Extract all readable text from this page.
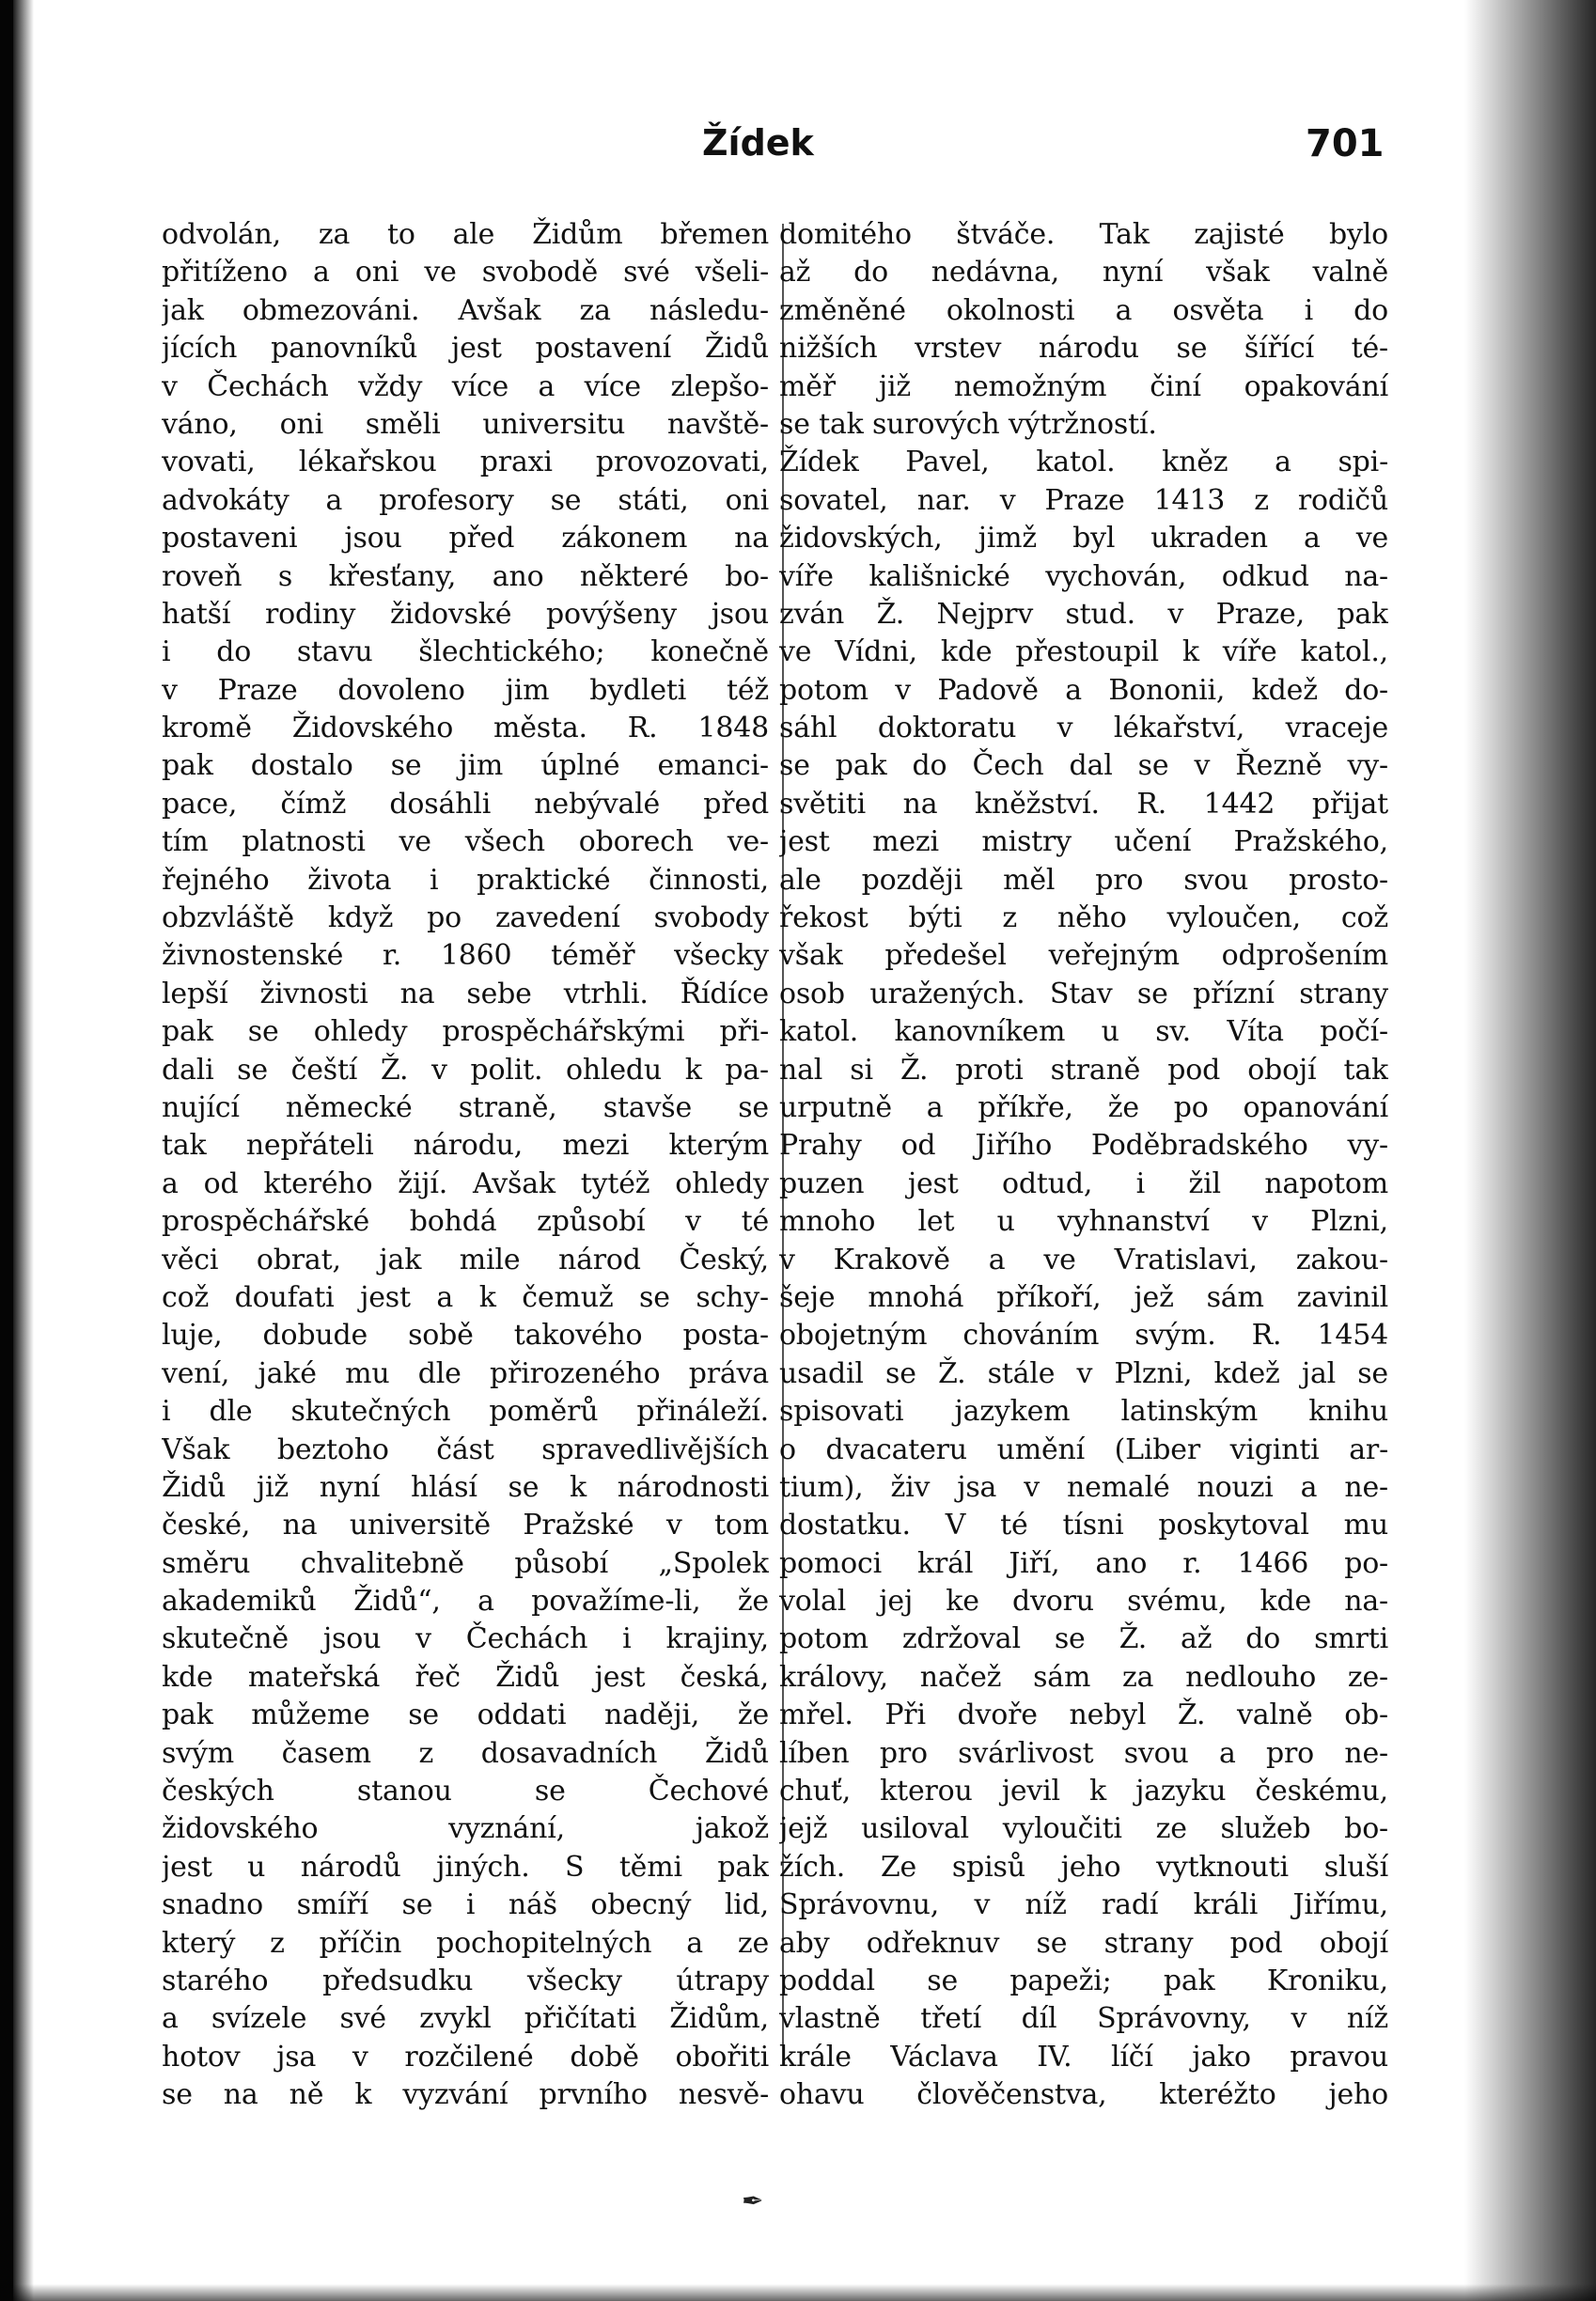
Žídek	701
odvolán, za to ale Židům břemen
přitíženo a oni ve svobodě své všeli-
jak obmezováni. Avšak za následu-
jících panovníků jest postavení Židů
v Čechách vždy více a více zlepšo-
váno, oni směli universitu navště-
vovati, lékařskou praxi provozovati,
advokáty a profesory se státi, oni
postaveni jsou před zákonem na
roveň s křesťany, ano některé bo-
hatší rodiny židovské povýšeny jsou
i do stavu šlechtického; konečně
v Praze dovoleno jim bydleti též
kromě Židovského města. R. 1848
pak dostalo se jim úplné emanci-
pace, čímž dosáhli nebývalé před
tím platnosti ve všech oborech ve-
řejného života i praktické činnosti,
obzvláště když po zavedení svobody
živnostenské r. 1860 téměř všecky
lepší živnosti na sebe vtrhli. Řídíce
pak se ohledy prospěchářskými při-
dali se čeští Ž. v polit. ohledu k pa-
nující německé straně, stavše se
tak nepřáteli národu, mezi kterým
a od kterého žijí. Avšak tytéž ohledy
prospěchářské bohdá způsobí v té
věci obrat, jak mile národ Český,
což doufati jest a k čemuž se schy-
luje, dobude sobě takového posta-
vení, jaké mu dle přirozeného práva
i dle skutečných poměrů přináleží.
Však beztoho část spravedlivějších
Židů již nyní hlásí se k národnosti
české, na universitě Pražské v tom
směru chvalitebně působí „Spolek
akademiků Židů“, a považíme-li, že
skutečně jsou v Čechách i krajiny,
kde mateřská řeč Židů jest česká,
pak můžeme se oddati naději, že
svým časem z dosavadních Židů
českých stanou se Čechové
židovského vyznání, jakož
jest u národů jiných. S těmi pak
snadno smíří se i náš obecný lid,
který z příčin pochopitelných a ze
starého předsudku všecky útrapy
a svízele své zvykl přičítati Židům,
hotov jsa v rozčilené době obořiti
se na ně k vyzvání prvního nesvě-
domitého štváče. Tak zajisté bylo
až do nedávna, nyní však valně
změněné okolnosti a osvěta i do
nižších vrstev národu se šířící té-
měř již nemožným činí opakování
se tak surových výtržností.
Žídek Pavel, katol. kněz a spi-
sovatel, nar. v Praze 1413 z rodičů
židovských, jimž byl ukraden a ve
víře kališnické vychován, odkud na-
zván Ž. Nejprv stud. v Praze, pak
ve Vídni, kde přestoupil k víře katol.,
potom v Padově a Bononii, kdež do-
sáhl doktoratu v lékařství, vraceje
se pak do Čech dal se v Řezně vy-
světiti na kněžství. R. 1442 přijat
jest mezi mistry učení Pražského,
ale později měl pro svou prosto-
řekost býti z něho vyloučen, což
však předešel veřejným odprošením
osob uražených. Stav se přízní strany
katol. kanovníkem u sv. Víta počí-
nal si Ž. proti straně pod obojí tak
urputně a příkře, že po opanování
Prahy od Jiřího Poděbradského vy-
puzen jest odtud, i žil napotom
mnoho let u vyhnanství v Plzni,
v Krakově a ve Vratislavi, zakou-
šeje mnohá příkoří, jež sám zavinil
obojetným chováním svým. R. 1454
usadil se Ž. stále v Plzni, kdež jal se
spisovati jazykem latinským knihu
o dvacateru umění (Liber viginti ar-
tium), živ jsa v nemalé nouzi a ne-
dostatku. V té tísni poskytoval mu
pomoci král Jiří, ano r. 1466 po-
volal jej ke dvoru svému, kde na-
potom zdržoval se Ž. až do smrti
královy, načež sám za nedlouho ze-
mřel. Při dvoře nebyl Ž. valně ob-
líben pro svárlivost svou a pro ne-
chuť, kterou jevil k jazyku českému,
jejž usiloval vyloučiti ze služeb bo-
žích. Ze spisů jeho vytknouti sluší
Správovnu, v níž radí králi Jiřímu,
aby odřeknuv se strany pod obojí
poddal se papeži; pak Kroniku,
vlastně třetí díl Správovny, v níž
krále Václava IV. líčí jako pravou
ohavu člověčenstva, kteréžto jeho
✒
